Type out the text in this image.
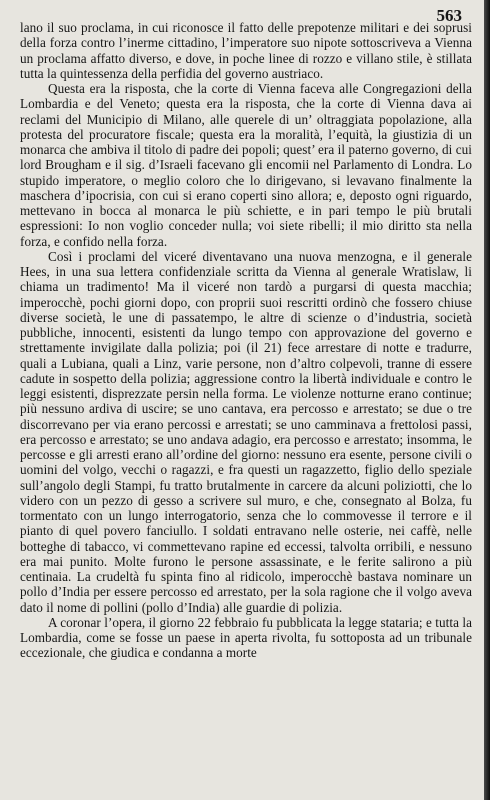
563

lano il suo proclama, in cui riconosce il fatto delle prepotenze militari e dei soprusi della forza contro l’inerme cittadino, l’imperatore suo nipote sottoscriveva a Vienna un proclama affatto diverso, e dove, in poche linee di rozzo e villano stile, è stillata tutta la quintessenza della perfidia del governo austriaco.

Questa era la risposta, che la corte di Vienna faceva alle Congregazioni della Lombardia e del Veneto; questa era la risposta, che la corte di Vienna dava ai reclami del Municipio di Milano, alle querele di un’ oltraggiata popolazione, alla protesta del procuratore fiscale; questa era la moralità, l’equità, la giustizia di un monarca che ambiva il titolo di padre dei popoli; quest’ era il paterno governo, di cui lord Brougham e il sig. d’Israeli facevano gli encomii nel Parlamento di Londra. Lo stupido imperatore, o meglio coloro che lo dirigevano, si levavano finalmente la maschera d’ipocrisia, con cui si erano coperti sino allora; e, deposto ogni riguardo, mettevano in bocca al monarca le più schiette, e in pari tempo le più brutali espressioni: Io non voglio conceder nulla; voi siete ribelli; il mio diritto sta nella forza, e confido nella forza.

Così i proclami del viceré diventavano una nuova menzogna, e il generale Hees, in una sua lettera confidenziale scritta da Vienna al generale Wratislaw, li chiama un tradimento! Ma il viceré non tardò a purgarsi di questa macchia; imperocchè, pochi giorni dopo, con proprii suoi rescritti ordinò che fossero chiuse diverse società, le une di passatempo, le altre di scienze o d’industria, società pubbliche, innocenti, esistenti da lungo tempo con approvazione del governo e strettamente invigilate dalla polizia; poi (il 21) fece arrestare di notte e tradurre, quali a Lubiana, quali a Linz, varie persone, non d’altro colpevoli, tranne di essere cadute in sospetto della polizia; aggressione contro la libertà individuale e contro le leggi esistenti, disprezzate persin nella forma. Le violenze notturne erano continue; più nessuno ardiva di uscire; se uno cantava, era percosso e arrestato; se due o tre discorrevano per via erano percossi e arrestati; se uno camminava a frettolosi passi, era percosso e arrestato; se uno andava adagio, era percosso e arrestato; insomma, le percosse e gli arresti erano all’ordine del giorno: nessuno era esente, persone civili o uomini del volgo, vecchi o ragazzi, e fra questi un ragazzetto, figlio dello speziale sull’angolo degli Stampi, fu tratto brutalmente in carcere da alcuni poliziotti, che lo videro con un pezzo di gesso a scrivere sul muro, e che, consegnato al Bolza, fu tormentato con un lungo interrogatorio, senza che lo commovesse il terrore e il pianto di quel povero fanciullo. I soldati entravano nelle osterie, nei caffè, nelle botteghe di tabacco, vi commettevano rapine ed eccessi, talvolta orribili, e nessuno era mai punito. Molte furono le persone assassinate, e le ferite salirono a più centinaia. La crudeltà fu spinta fino al ridicolo, imperocchè bastava nominare un pollo d’India per essere percosso ed arrestato, per la sola ragione che il volgo aveva dato il nome di pollini (pollo d’India) alle guardie di polizia.

A coronar l’opera, il giorno 22 febbraio fu pubblicata la legge stataria; e tutta la Lombardia, come se fosse un paese in aperta rivolta, fu sottoposta ad un tribunale eccezionale, che giudica e condanna a morte
